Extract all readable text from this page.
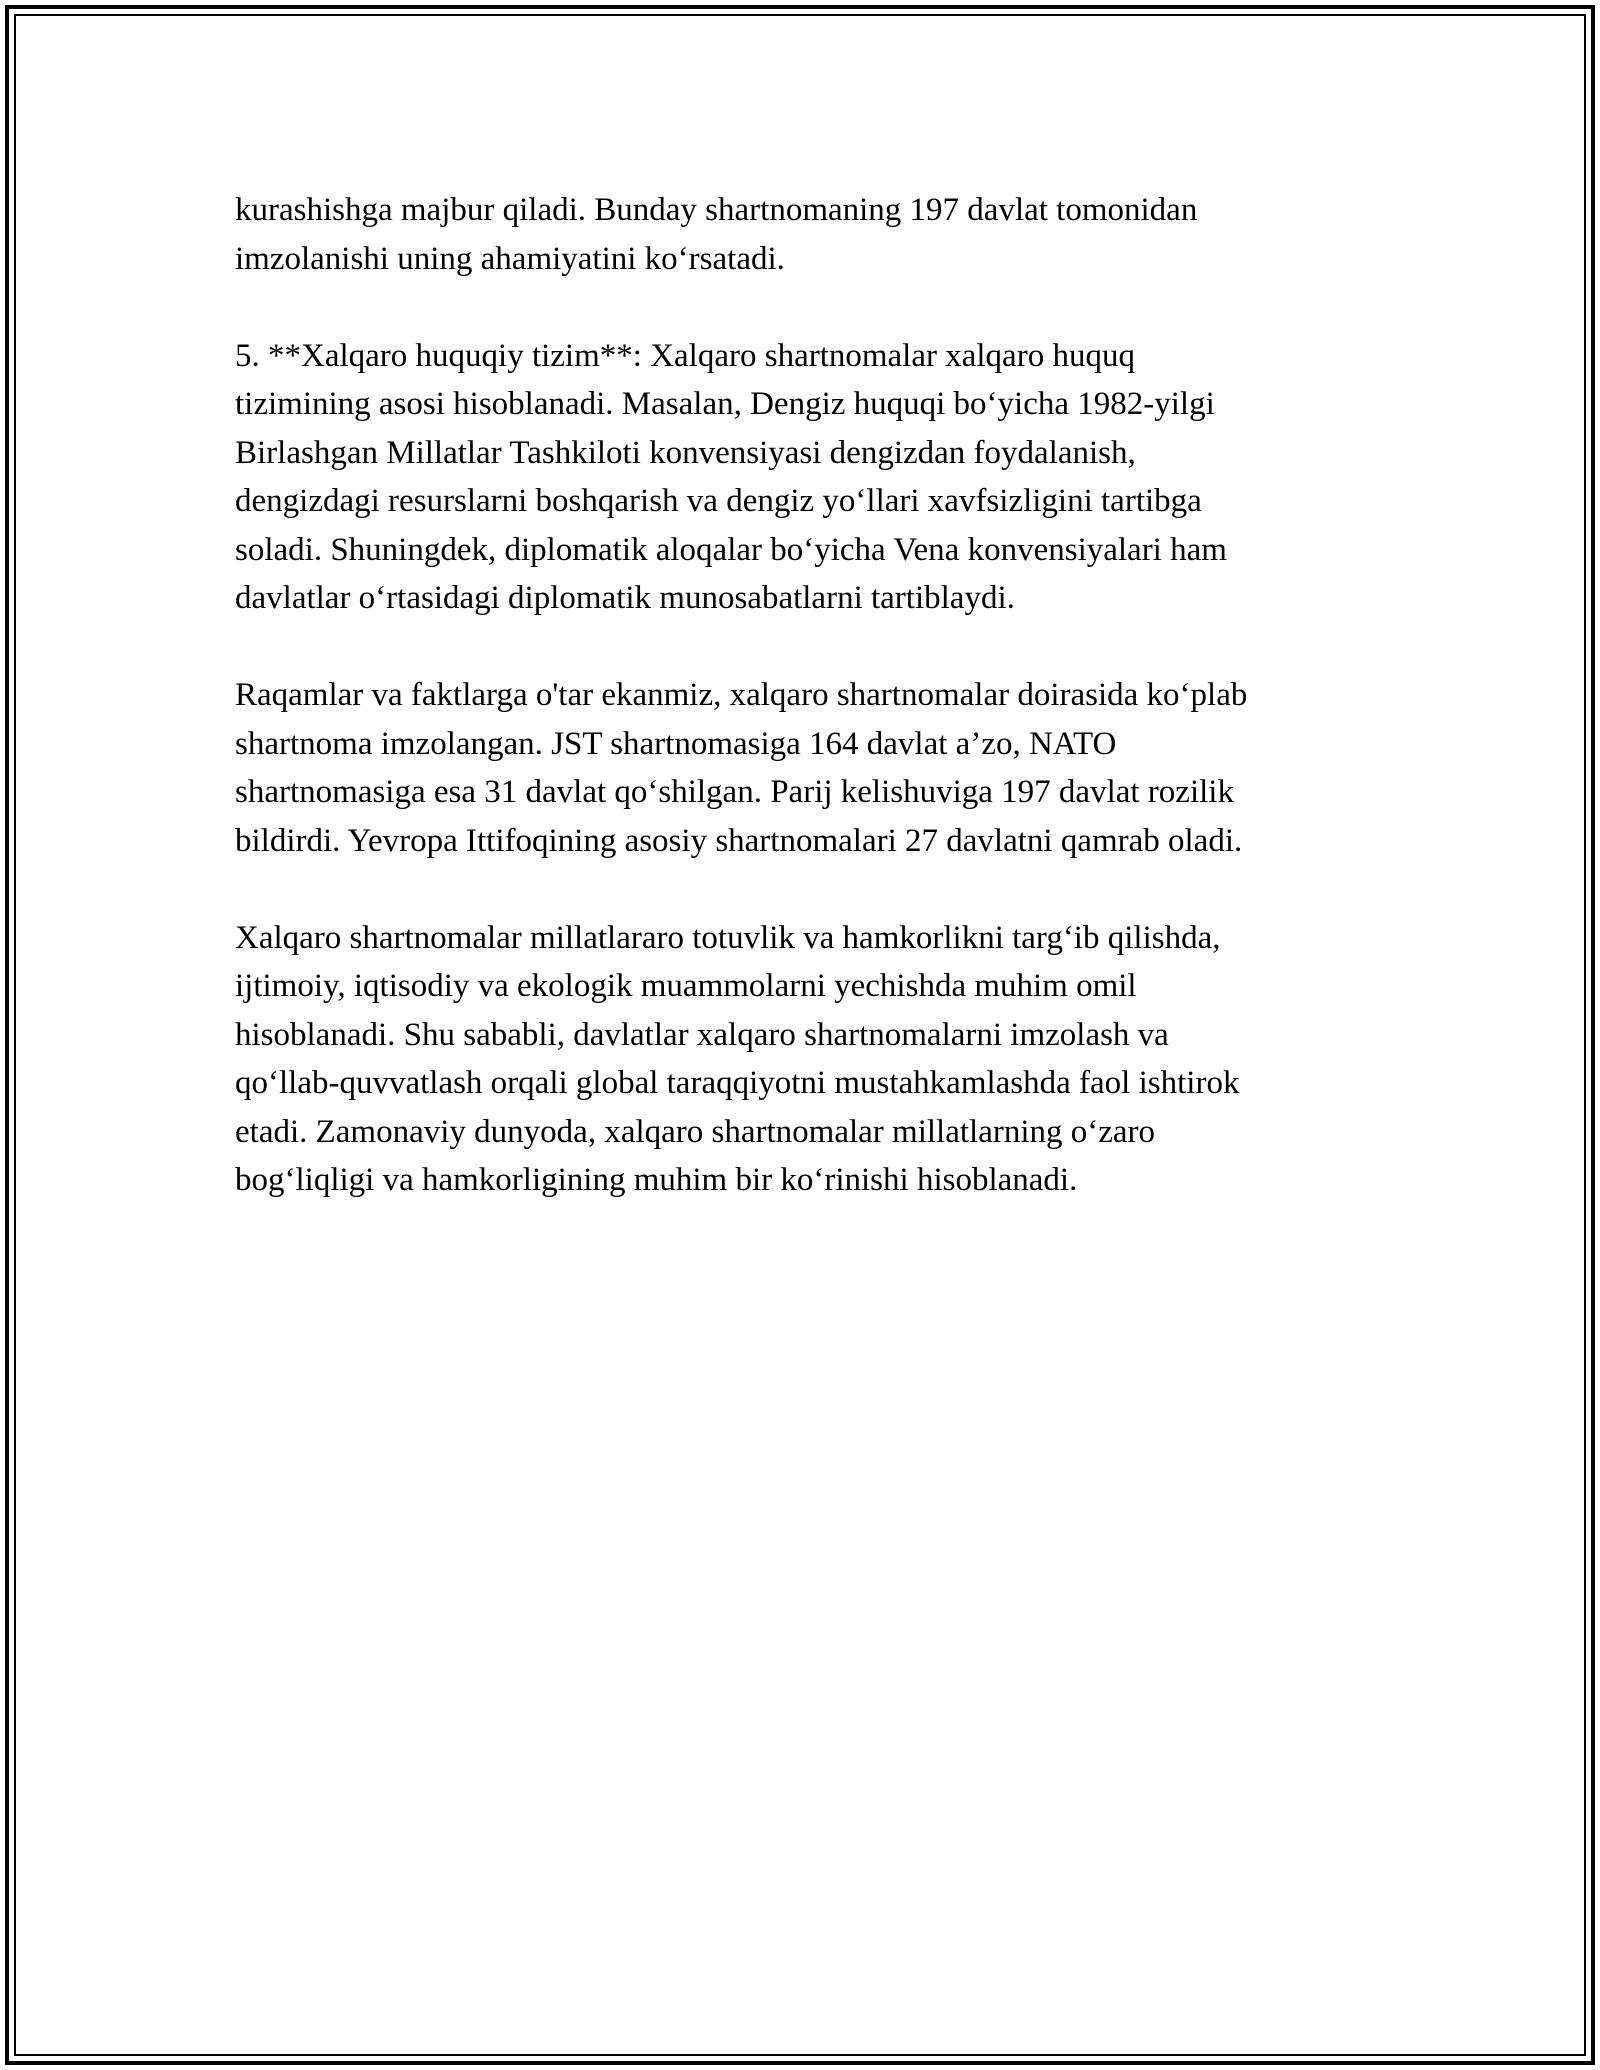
kurashishga majbur qiladi. Bunday shartnomaning 197 davlat tomonidan
imzolanishi uning ahamiyatini ko‘rsatadi.

5. **Xalqaro huquqiy tizim**: Xalqaro shartnomalar xalqaro huquq
tizimining asosi hisoblanadi. Masalan, Dengiz huquqi bo‘yicha 1982-yilgi
Birlashgan Millatlar Tashkiloti konvensiyasi dengizdan foydalanish,
dengizdagi resurslarni boshqarish va dengiz yo‘llari xavfsizligini tartibga
soladi. Shuningdek, diplomatik aloqalar bo‘yicha Vena konvensiyalari ham
davlatlar o‘rtasidagi diplomatik munosabatlarni tartiblaydi.

Raqamlar va faktlarga o'tar ekanmiz, xalqaro shartnomalar doirasida ko‘plab
shartnoma imzolangan. JST shartnomasiga 164 davlat a’zo, NATO
shartnomasiga esa 31 davlat qo‘shilgan. Parij kelishuviga 197 davlat rozilik
bildirdi. Yevropa Ittifoqining asosiy shartnomalari 27 davlatni qamrab oladi.

Xalqaro shartnomalar millatlararo totuvlik va hamkorlikni targ‘ib qilishda,
ijtimoiy, iqtisodiy va ekologik muammolarni yechishda muhim omil
hisoblanadi. Shu sababli, davlatlar xalqaro shartnomalarni imzolash va
qo‘llab-quvvatlash orqali global taraqqiyotni mustahkamlashda faol ishtirok
etadi. Zamonaviy dunyoda, xalqaro shartnomalar millatlarning o‘zaro
bog‘liqligi va hamkorligining muhim bir ko‘rinishi hisoblanadi.
